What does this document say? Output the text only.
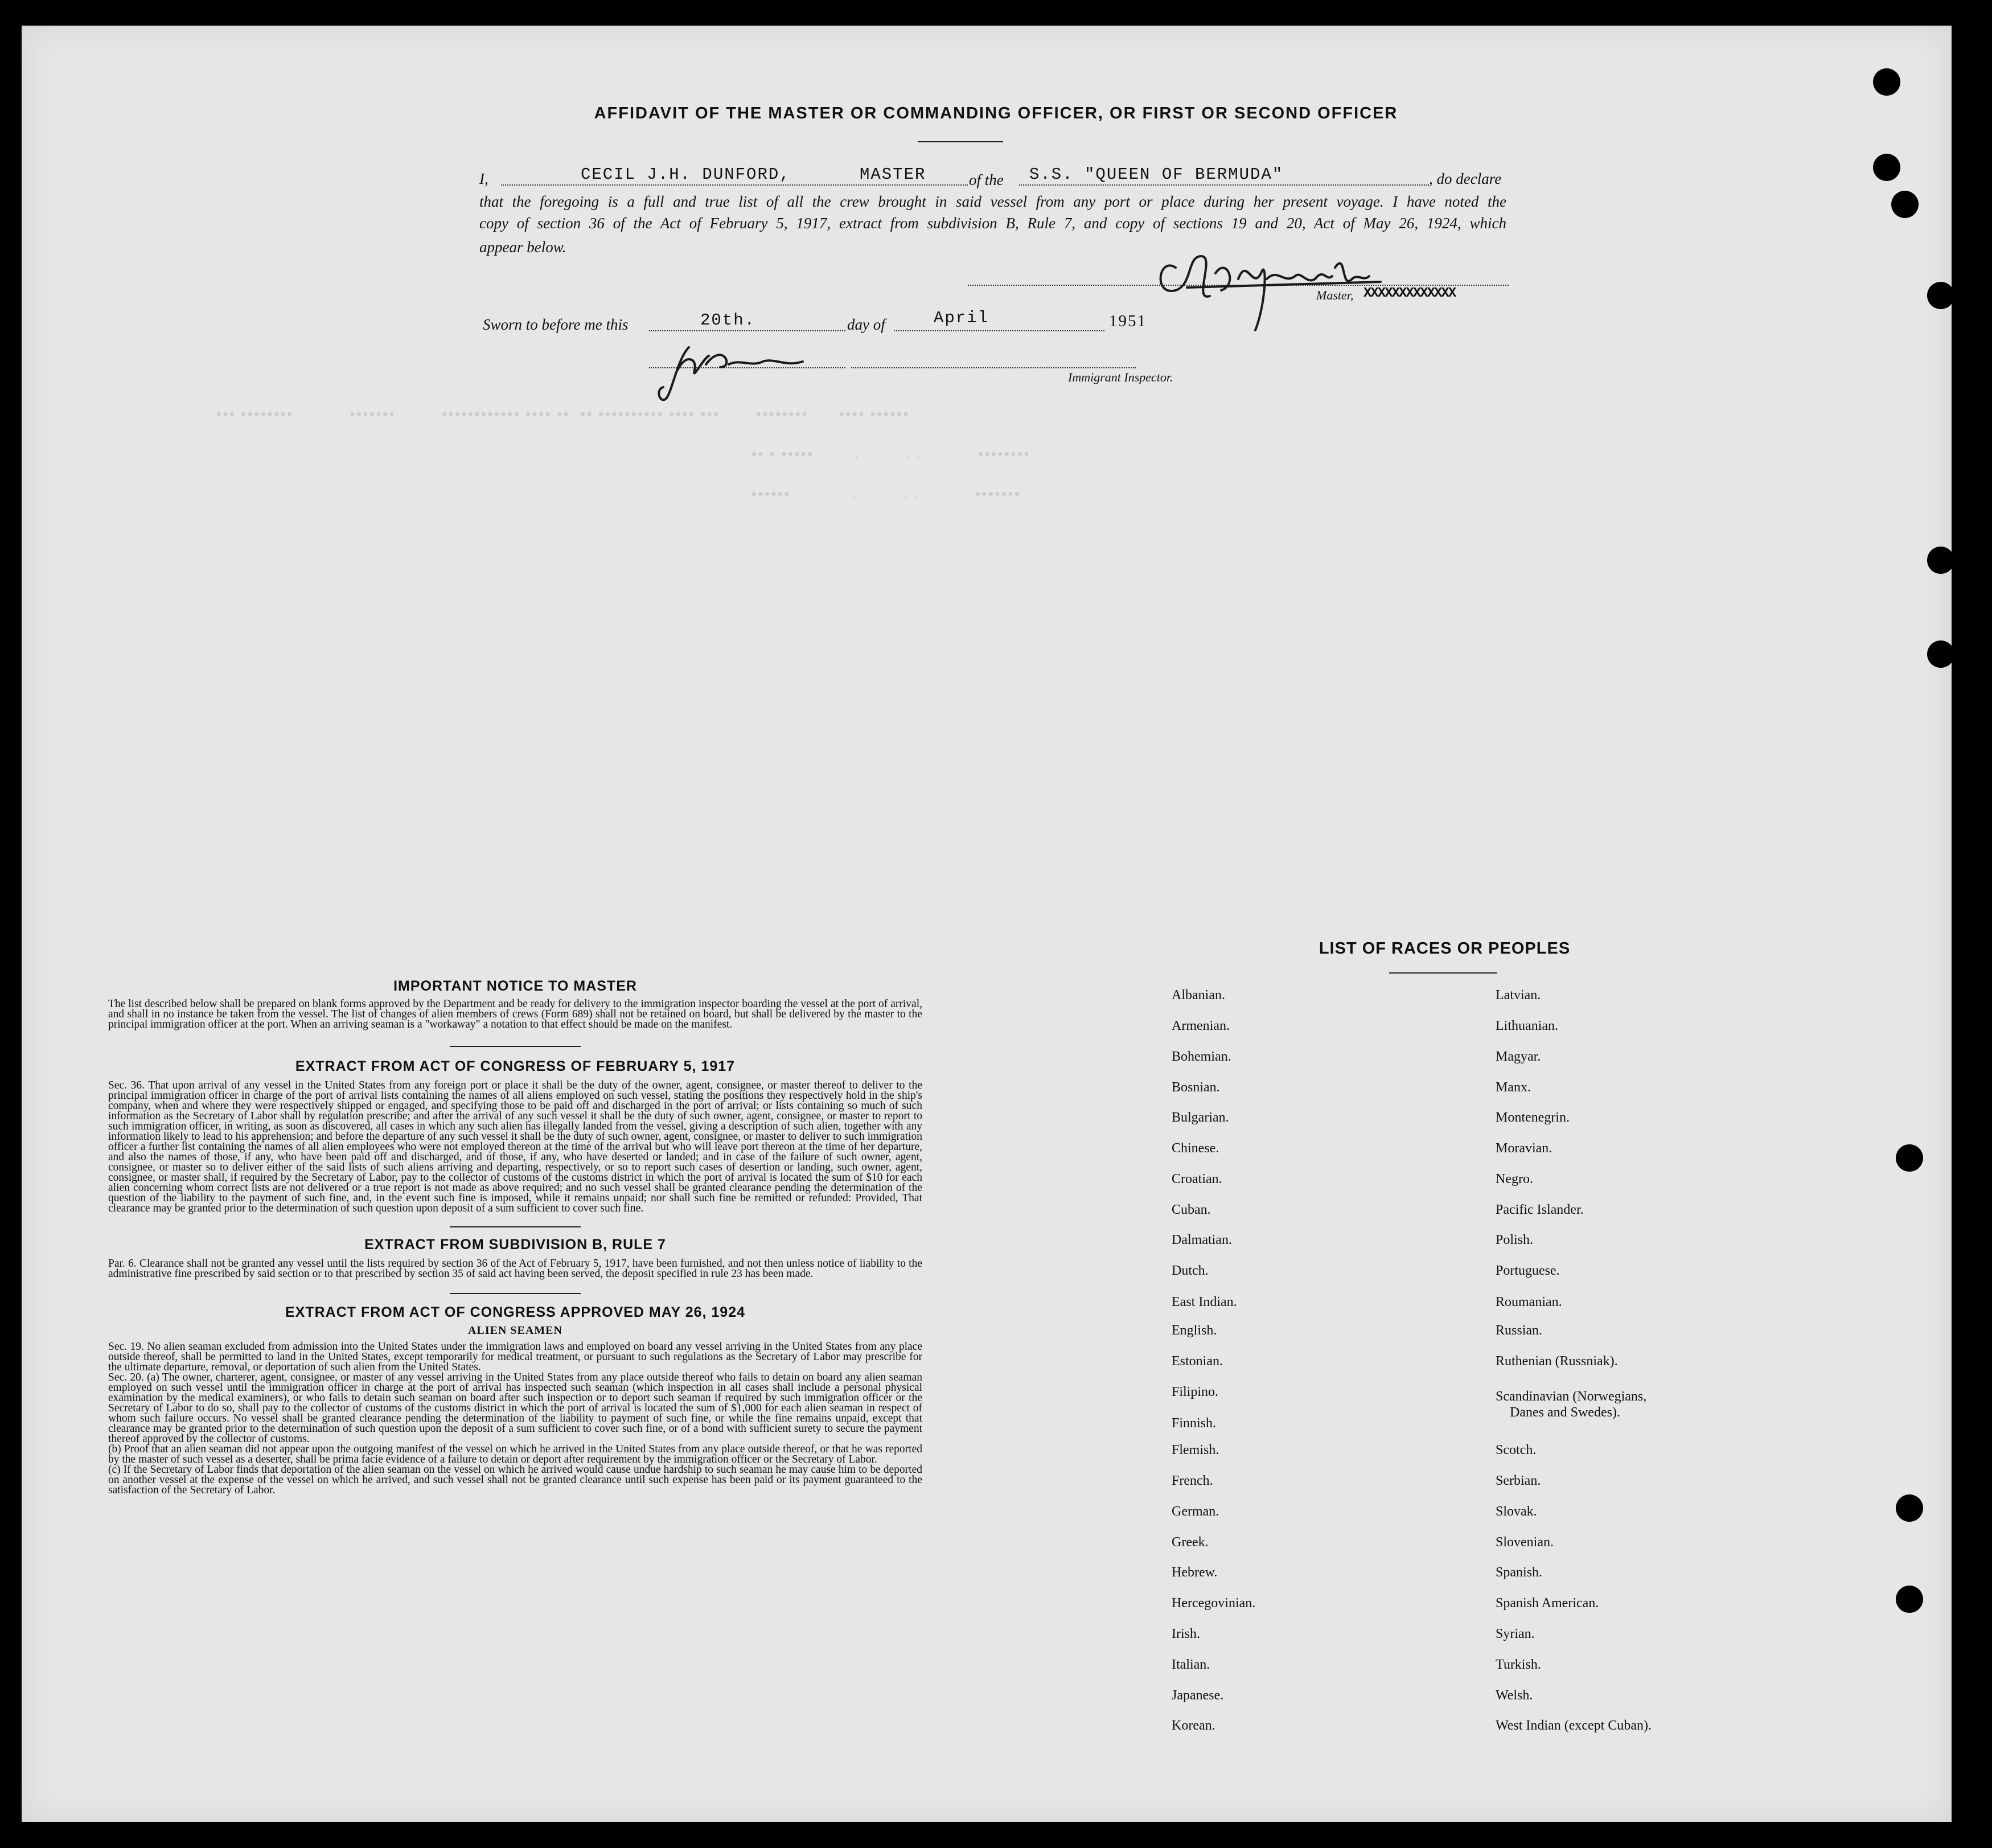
▪▪▪ ▪▪▪▪▪▪▪▪           ▪▪▪▪▪▪▪         ▪▪▪▪▪▪▪▪▪▪▪▪ ▪▪▪▪ ▪▪  ▪▪ ▪▪▪▪▪▪▪▪▪▪ ▪▪▪▪ ▪▪▪       ▪▪▪▪▪▪▪▪      ▪▪▪▪ ▪▪▪▪▪▪
▪▪ ▪ ▪▪▪▪▪        .         . .           ▪▪▪▪▪▪▪▪
▪▪▪▪▪▪            .         . .           ▪▪▪▪▪▪▪
AFFIDAVIT OF THE MASTER OR COMMANDING OFFICER, OR FIRST OR SECOND OFFICER
I,	CECIL J.H. DUNFORD,	MASTER	of the	S.S. "QUEEN OF BERMUDA"	, do declare
that the foregoing is a full and true list of all the crew brought in said vessel from any port or place during her present voyage. I have noted the
copy of section 36 of the Act of February 5, 1917, extract from subdivision B, Rule 7, and copy of sections 19 and 20, Act of May 26, 1924, which
appear below.
Master, XXXXXXXXXXXXX
Sworn to before me this	20th.	day of	April	1951
Immigrant Inspector.

IMPORTANT NOTICE TO MASTER

The list described below shall be prepared on blank forms approved by the Department and be ready for delivery to the immigration inspector boarding the vessel at the port of arrival, and shall in no instance be taken from the vessel. The list of changes of alien members of crews (Form 689) shall not be retained on board, but shall be delivered by the master to the principal immigration officer at the port. When an arriving seaman is a "workaway" a notation to that effect should be made on the manifest.

EXTRACT FROM ACT OF CONGRESS OF FEBRUARY 5, 1917

Sec. 36. That upon arrival of any vessel in the United States from any foreign port or place it shall be the duty of the owner, agent, consignee, or master thereof to deliver to the principal immigration officer in charge of the port of arrival lists containing the names of all aliens employed on such vessel, stating the positions they respectively hold in the ship's company, when and where they were respectively shipped or engaged, and specifying those to be paid off and discharged in the port of arrival; or lists containing so much of such information as the Secretary of Labor shall by regulation prescribe; and after the arrival of any such vessel it shall be the duty of such owner, agent, consignee, or master to report to such immigration officer, in writing, as soon as discovered, all cases in which any such alien has illegally landed from the vessel, giving a description of such alien, together with any information likely to lead to his apprehension; and before the departure of any such vessel it shall be the duty of such owner, agent, consignee, or master to deliver to such immigration officer a further list containing the names of all alien employees who were not employed thereon at the time of the arrival but who will leave port thereon at the time of her departure, and also the names of those, if any, who have been paid off and discharged, and of those, if any, who have deserted or landed; and in case of the failure of such owner, agent, consignee, or master so to deliver either of the said lists of such aliens arriving and departing, respectively, or so to report such cases of desertion or landing, such owner, agent, consignee, or master shall, if required by the Secretary of Labor, pay to the collector of customs of the customs district in which the port of arrival is located the sum of $10 for each alien concerning whom correct lists are not delivered or a true report is not made as above required; and no such vessel shall be granted clearance pending the determination of the question of the liability to the payment of such fine, and, in the event such fine is imposed, while it remains unpaid; nor shall such fine be remitted or refunded: Provided, That clearance may be granted prior to the determination of such question upon deposit of a sum sufficient to cover such fine.

EXTRACT FROM SUBDIVISION B, RULE 7

Par. 6. Clearance shall not be granted any vessel until the lists required by section 36 of the Act of February 5, 1917, have been furnished, and not then unless notice of liability to the administrative fine prescribed by said section or to that prescribed by section 35 of said act having been served, the deposit specified in rule 23 has been made.

EXTRACT FROM ACT OF CONGRESS APPROVED MAY 26, 1924

ALIEN SEAMEN

Sec. 19. No alien seaman excluded from admission into the United States under the immigration laws and employed on board any vessel arriving in the United States from any place outside thereof, shall be permitted to land in the United States, except temporarily for medical treatment, or pursuant to such regulations as the Secretary of Labor may prescribe for the ultimate departure, removal, or deportation of such alien from the United States.

Sec. 20. (a) The owner, charterer, agent, consignee, or master of any vessel arriving in the United States from any place outside thereof who fails to detain on board any alien seaman employed on such vessel until the immigration officer in charge at the port of arrival has inspected such seaman (which inspection in all cases shall include a personal physical examination by the medical examiners), or who fails to detain such seaman on board after such inspection or to deport such seaman if required by such immigration officer or the Secretary of Labor to do so, shall pay to the collector of customs of the customs district in which the port of arrival is located the sum of $1,000 for each alien seaman in respect of whom such failure occurs. No vessel shall be granted clearance pending the determination of the liability to payment of such fine, or while the fine remains unpaid, except that clearance may be granted prior to the determination of such question upon the deposit of a sum sufficient to cover such fine, or of a bond with sufficient surety to secure the payment thereof approved by the collector of customs.

(b) Proof that an alien seaman did not appear upon the outgoing manifest of the vessel on which he arrived in the United States from any place outside thereof, or that he was reported by the master of such vessel as a deserter, shall be prima facie evidence of a failure to detain or deport after requirement by the immigration officer or the Secretary of Labor.

(c) If the Secretary of Labor finds that deportation of the alien seaman on the vessel on which he arrived would cause undue hardship to such seaman he may cause him to be deported on another vessel at the expense of the vessel on which he arrived, and such vessel shall not be granted clearance until such expense has been paid or its payment guaranteed to the satisfaction of the Secretary of Labor.

LIST OF RACES OR PEOPLES
Albanian.
Armenian.
Bohemian.
Bosnian.
Bulgarian.
Chinese.
Croatian.
Cuban.
Dalmatian.
Dutch.
East Indian.
English.
Estonian.
Filipino.
Finnish.
Flemish.
French.
German.
Greek.
Hebrew.
Hercegovinian.
Irish.
Italian.
Japanese.
Korean.
Latvian.
Lithuanian.
Magyar.
Manx.
Montenegrin.
Moravian.
Negro.
Pacific Islander.
Polish.
Portuguese.
Roumanian.
Russian.
Ruthenian (Russniak).
Scandinavian (Norwegians,
Scotch.
Serbian.
Slovak.
Slovenian.
Spanish.
Spanish American.
Syrian.
Turkish.
Welsh.
West Indian (except Cuban).
Danes and Swedes).
